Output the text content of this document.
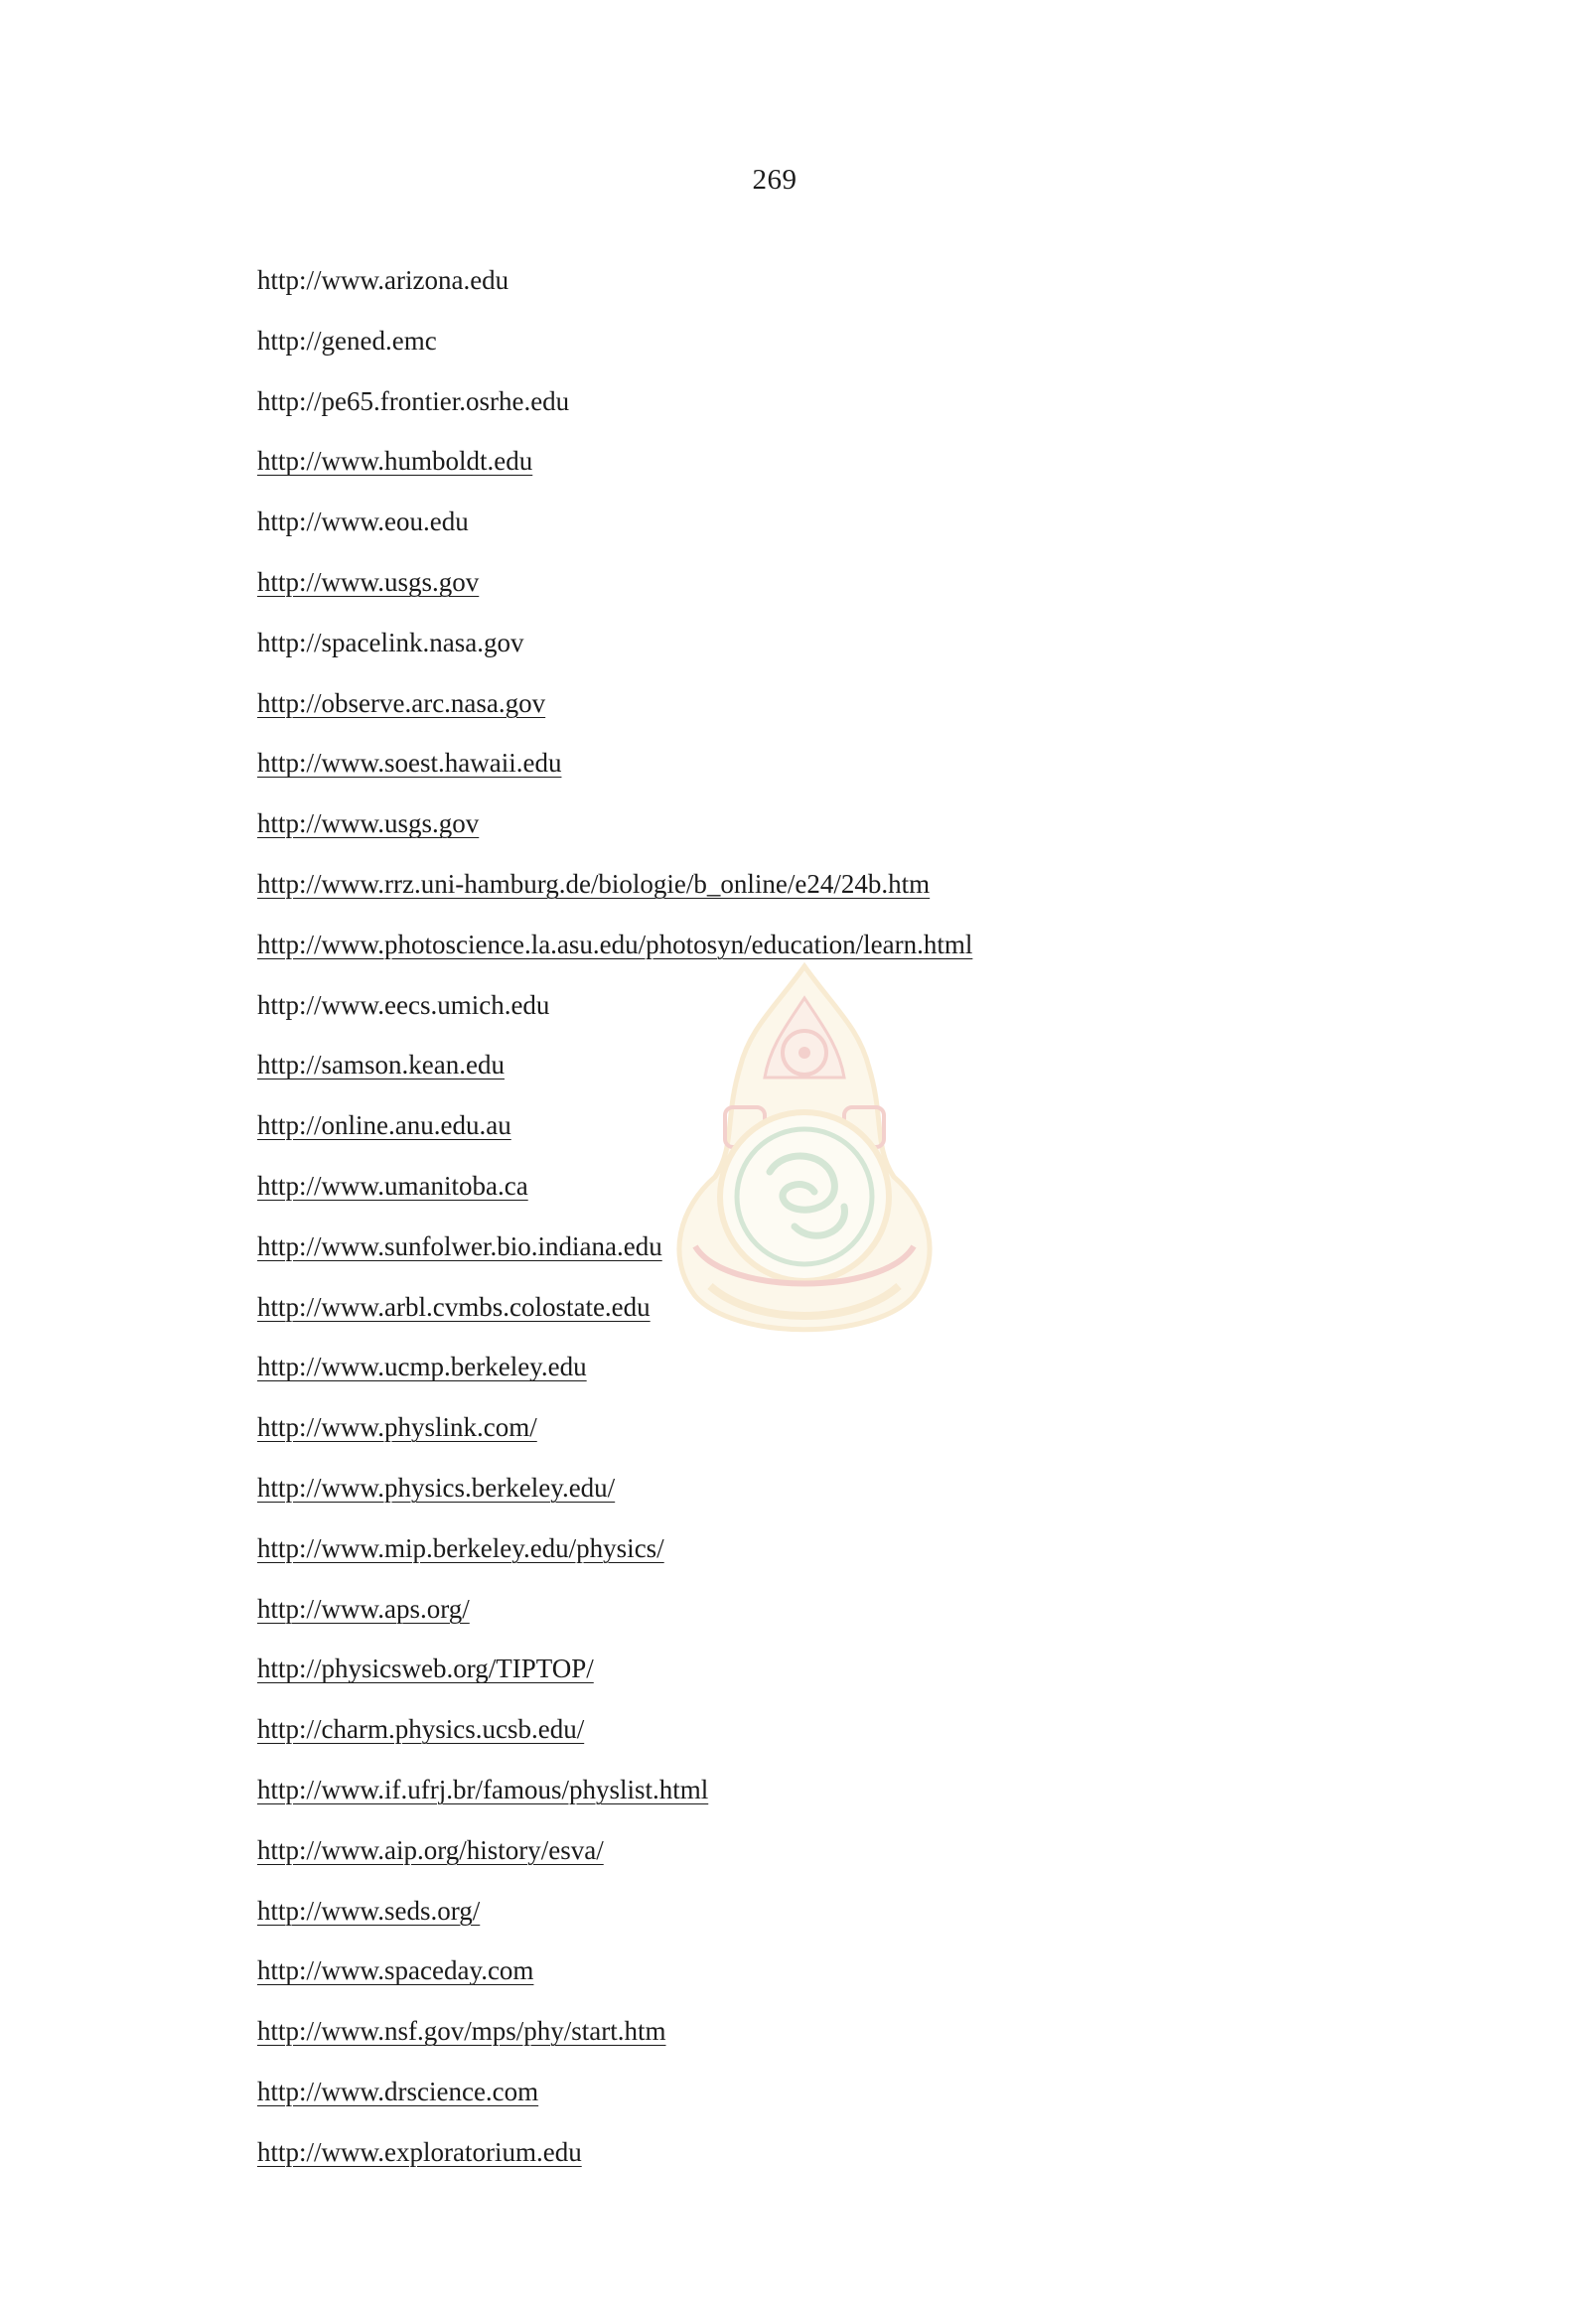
269
http://www.arizona.edu
http://gened.emc
http://pe65.frontier.osrhe.edu
http://www.humboldt.edu
http://www.eou.edu
http://www.usgs.gov
http://spacelink.nasa.gov
http://observe.arc.nasa.gov
http://www.soest.hawaii.edu
http://www.usgs.gov
http://www.rrz.uni-hamburg.de/biologie/b_online/e24/24b.htm
http://www.photoscience.la.asu.edu/photosyn/education/learn.html
http://www.eecs.umich.edu
http://samson.kean.edu
http://online.anu.edu.au
http://www.umanitoba.ca
http://www.sunfolwer.bio.indiana.edu
http://www.arbl.cvmbs.colostate.edu
http://www.ucmp.berkeley.edu
http://www.physlink.com/
http://www.physics.berkeley.edu/
http://www.mip.berkeley.edu/physics/
http://www.aps.org/
http://physicsweb.org/TIPTOP/
http://charm.physics.ucsb.edu/
http://www.if.ufrj.br/famous/physlist.html
http://www.aip.org/history/esva/
http://www.seds.org/
http://www.spaceday.com
http://www.nsf.gov/mps/phy/start.htm
http://www.drscience.com
http://www.exploratorium.edu
